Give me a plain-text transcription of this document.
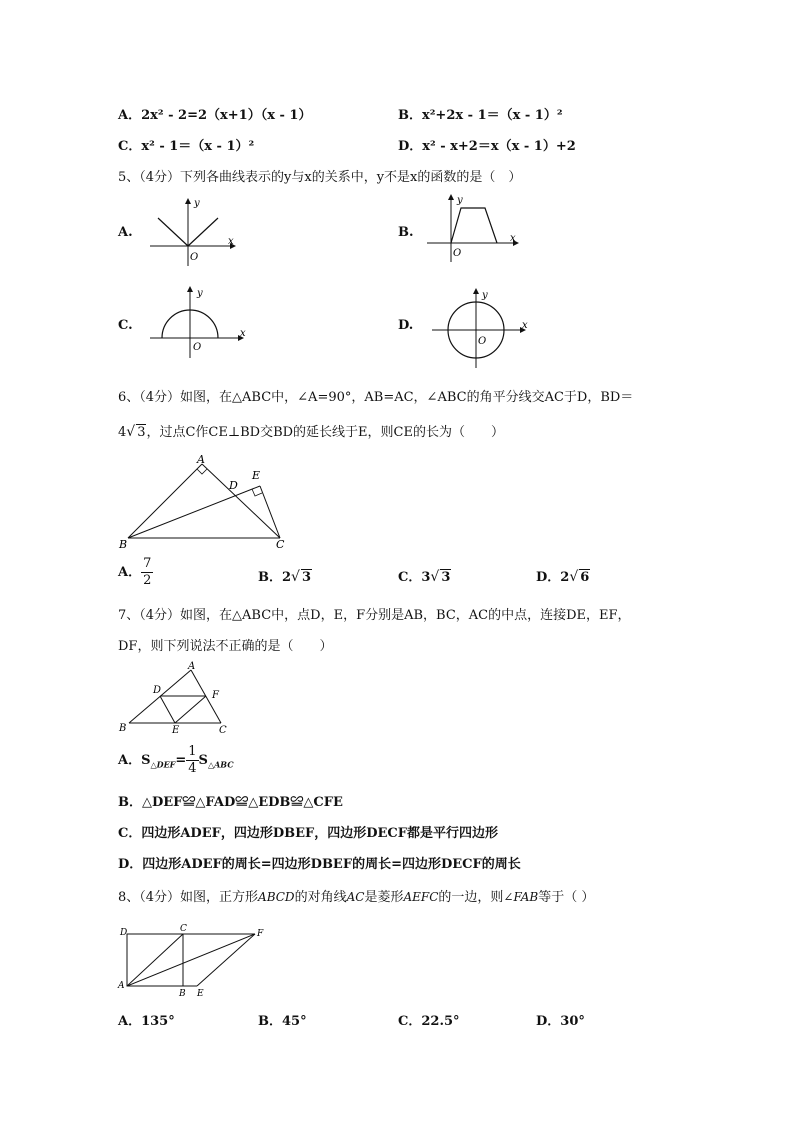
A．2x² - 2=2（x+1）（x - 1）	B．x²+2x - 1＝（x - 1）²
C．x² - 1＝（x - 1）²	D．x² - x+2＝x（x - 1）+2
5、（4分）下列各曲线表示的y与x的关系中，y不是x的函数的是（　）
A.
y
x
O
B.
y
x
O
C.
y
x
O
D.
y
x
O
6、（4分）如图，在△ABC中，∠A=90°，AB=AC，∠ABC的角平分线交AC于D，BD＝
4√ 3，过点C作CE⊥BD交BD的延长线于E，则CE的长为（　　）
A
B	C
D
E
A． $\frac{7}{2}$	B．2√ 3	C．3√ 3	D．2√ 6
7、（4分）如图，在△ABC中，点D，E，F分别是AB，BC，AC的中点，连接DE，EF，
DF，则下列说法不正确的是（　　）
A
B	C
D
E
F
A．$S_{\triangle DEF}= \frac{1}{4} S_{\triangle ABC}$
B．△DEF≌△FAD≌△EDB≌△CFE
C．四边形ADEF，四边形DBEF，四边形DECF都是平行四边形
D．四边形ADEF的周长=四边形DBEF的周长=四边形DECF的周长
8、（4分）如图，正方形ABCD的对角线AC是菱形AEFC的一边，则∠FAB等于（ ）
A
B
C
D
E
F
A．135°	B．45°	C．22.5°	D．30°
